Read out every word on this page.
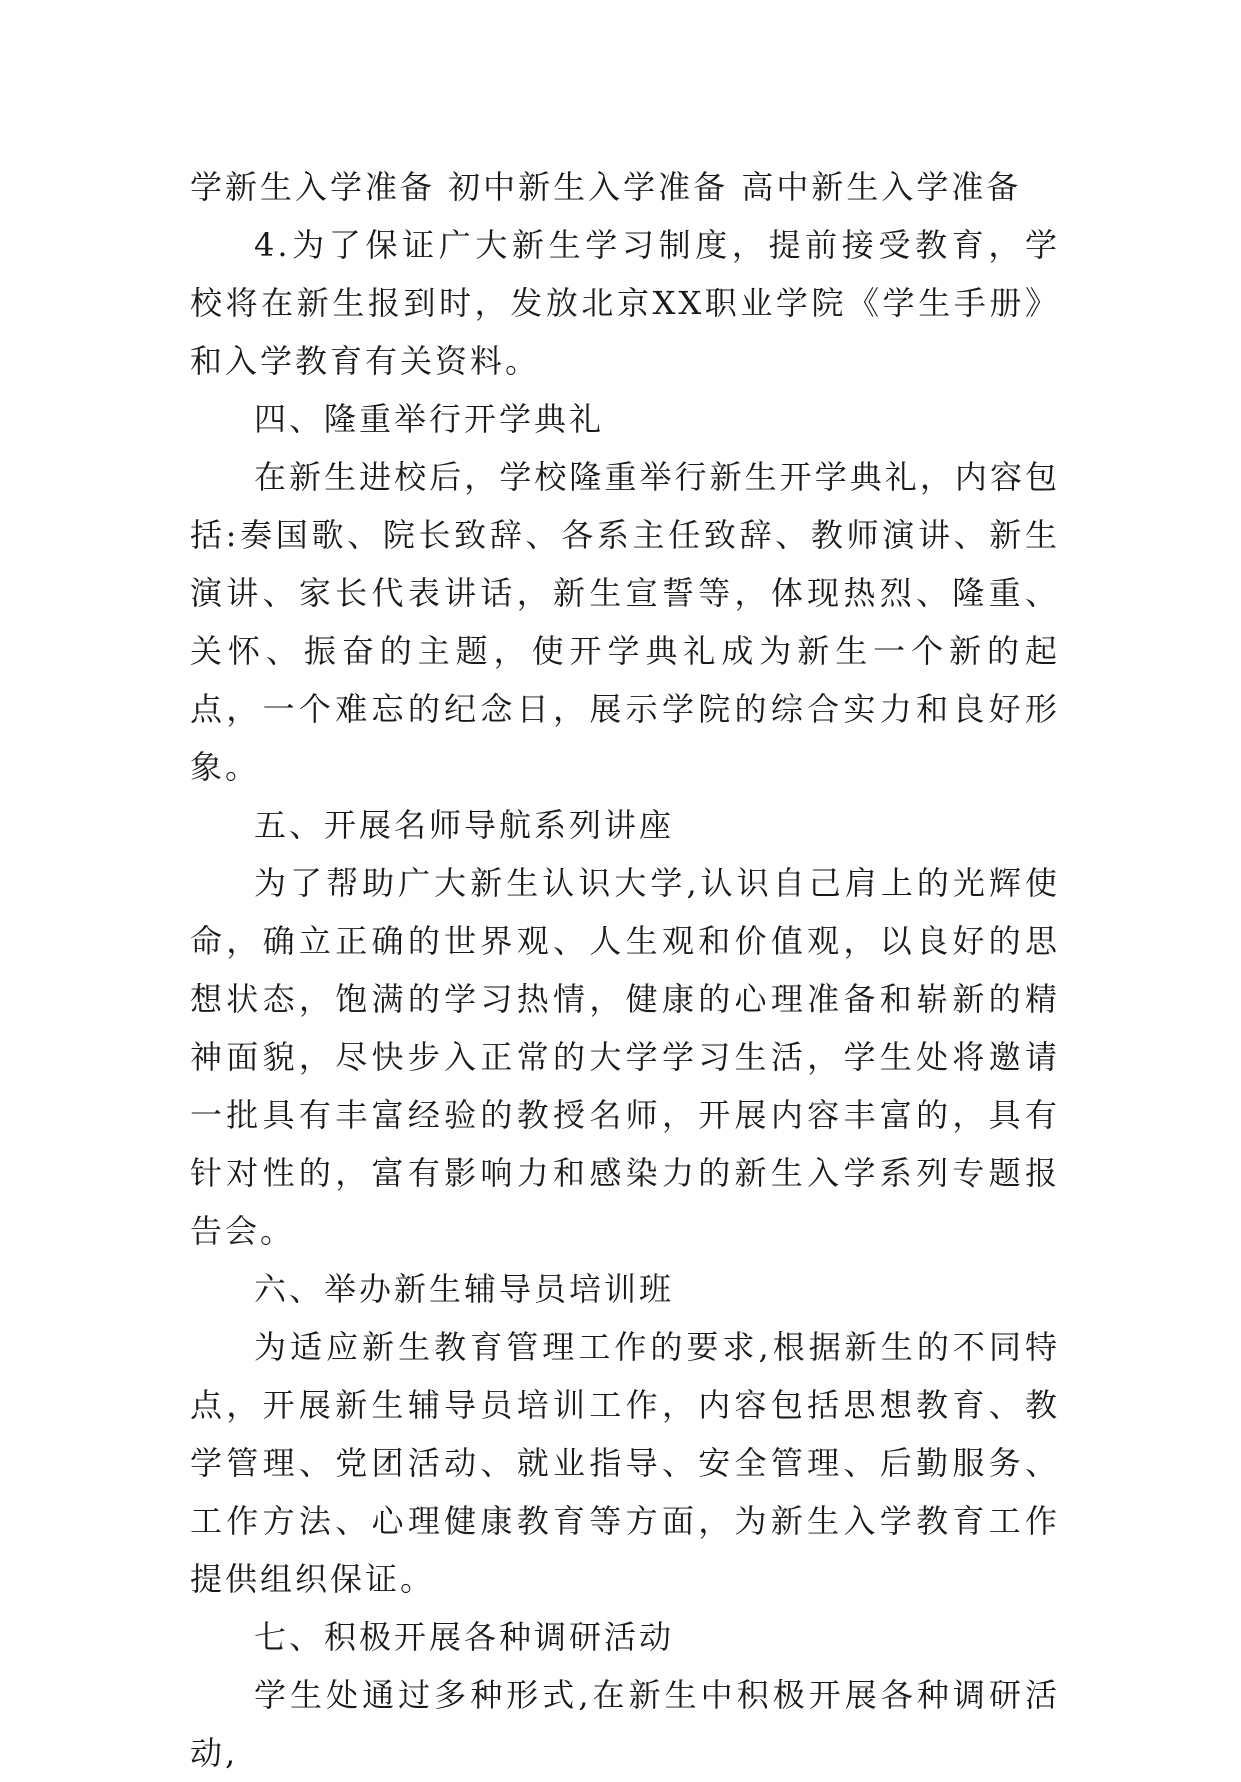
学新生入学准备 初中新生入学准备 高中新生入学准备

4.为了保证广大新生学习制度，提前接受教育，学校将在新生报到时，发放北京XX职业学院《学生手册》和入学教育有关资料。

四、隆重举行开学典礼

在新生进校后，学校隆重举行新生开学典礼，内容包括:奏国歌、院长致辞、各系主任致辞、教师演讲、新生演讲、家长代表讲话，新生宣誓等，体现热烈、隆重、关怀、振奋的主题，使开学典礼成为新生一个新的起点，一个难忘的纪念日，展示学院的综合实力和良好形象。

五、开展名师导航系列讲座

为了帮助广大新生认识大学,认识自己肩上的光辉使命，确立正确的世界观、人生观和价值观，以良好的思想状态，饱满的学习热情，健康的心理准备和崭新的精神面貌，尽快步入正常的大学学习生活，学生处将邀请一批具有丰富经验的教授名师，开展内容丰富的，具有针对性的，富有影响力和感染力的新生入学系列专题报告会。

六、举办新生辅导员培训班

为适应新生教育管理工作的要求,根据新生的不同特点，开展新生辅导员培训工作，内容包括思想教育、教学管理、党团活动、就业指导、安全管理、后勤服务、工作方法、心理健康教育等方面，为新生入学教育工作提供组织保证。

七、积极开展各种调研活动

学生处通过多种形式,在新生中积极开展各种调研活动,
